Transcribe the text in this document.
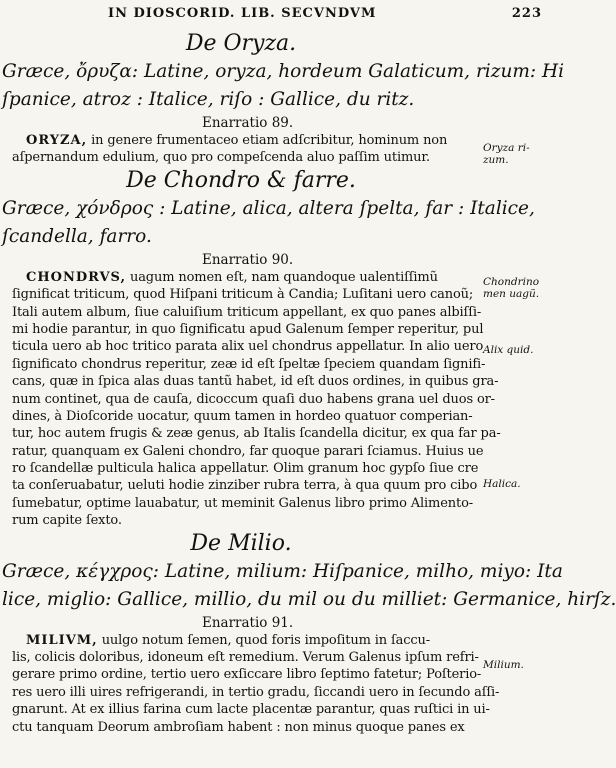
IN DIOSCORID. LIB. SECVNDVM	223
De Oryza.
Græce, ὄρυζα: Latine, oryza, hordeum Galaticum, rizum: Hi
ſpanice, atroz : Italice, riſo : Gallice, du ritz.
Enarratio 89.
ORYZA, in genere frumentaceo etiam adſcribitur, hominum non
aſpernandum edulium, quo pro compeſcenda aluo paſſim utimur.
De Chondro & farre.
Græce, χόνδρος : Latine, alica, altera ſpelta, far : Italice,
ſcandella, farro.
Enarratio 90.
CHONDRVS, uagum nomen eſt, nam quandoque ualentiſſimũ
ſignificat triticum, quod Hiſpani triticum à Candia; Luſitani uero canoũ;
Itali autem album, ſiue caluiſium triticum appellant, ex quo panes albiſſi-
mi hodie parantur, in quo ſignificatu apud Galenum ſemper reperitur, pul
ticula uero ab hoc tritico parata alix uel chondrus appellatur. In alio uero
ſignificato chondrus reperitur, zeæ id eſt ſpeltæ ſpeciem quandam ſignifi-
cans, quæ in ſpica alas duas tantũ habet, id eſt duos ordines, in quibus gra-
num continet, qua de cauſa, dicoccum quaſi duo habens grana uel duos or-
dines, à Dioſcoride uocatur, quum tamen in hordeo quatuor comperian-
tur, hoc autem frugis & zeæ genus, ab Italis ſcandella dicitur, ex qua far pa-
ratur, quanquam ex Galeni chondro, far quoque parari ſciamus. Huius ue
ro ſcandellæ pulticula halica appellatur. Olim granum hoc gypſo ſiue cre
ta conſeruabatur, ueluti hodie zinziber rubra terra, à qua quum pro cibo
ſumebatur, optime lauabatur, ut meminit Galenus libro primo Alimento-
rum capite ſexto.
De Milio.
Græce, κέγχρος: Latine, milium: Hiſpanice, milho, miyo: Ita
lice, miglio: Gallice, millio, du mil ou du milliet: Germanice, hirſz.
Enarratio 91.
MILIVM, uulgo notum ſemen, quod foris impoſitum in ſaccu-
lis, colicis doloribus, idoneum eſt remedium. Verum Galenus ipſum refri-
gerare primo ordine, tertio uero exſiccare libro ſeptimo fatetur; Poſterio-
res uero illi uires refrigerandi, in tertio gradu, ſiccandi uero in ſecundo aſſi-
gnarunt. At ex illius farina cum lacte placentæ parantur, quas ruſtici in ui-
ctu tanquam Deorum ambroſiam habent : non minus quoque panes ex
Oryza ri-
zum.
Chondrino
men uagũ.
Alix quid.
Halica.
Milium.
